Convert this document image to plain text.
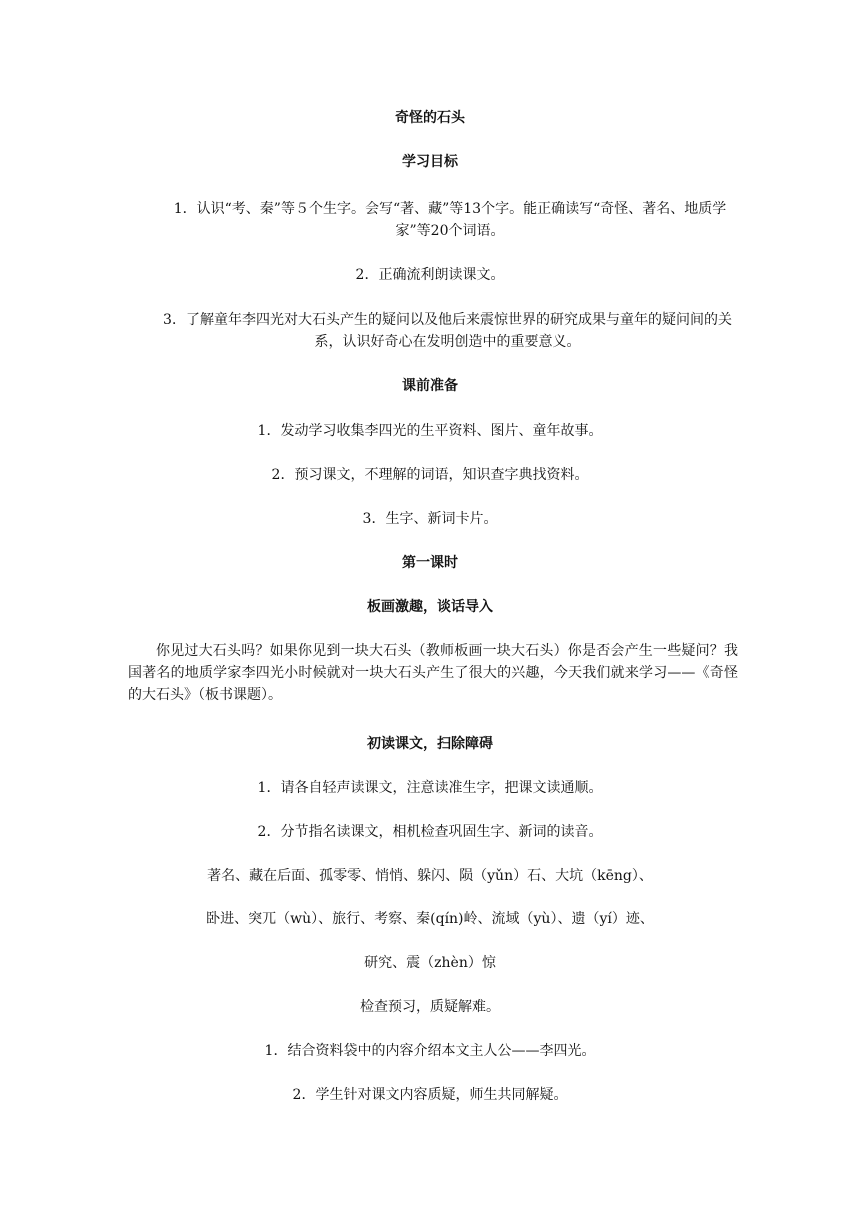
奇怪的石头
学习目标
1．认识“考、秦”等５个生字。会写“著、藏”等13个字。能正确读写“奇怪、著名、地质学家”等20个词语。
2．正确流利朗读课文。
3．了解童年李四光对大石头产生的疑问以及他后来震惊世界的研究成果与童年的疑问间的关系，认识好奇心在发明创造中的重要意义。
课前准备
1．发动学习收集李四光的生平资料、图片、童年故事。
2．预习课文，不理解的词语，知识查字典找资料。
3．生字、新词卡片。
第一课时
板画激趣，谈话导入
你见过大石头吗？如果你见到一块大石头（教师板画一块大石头）你是否会产生一些疑问？我国著名的地质学家李四光小时候就对一块大石头产生了很大的兴趣，今天我们就来学习——《奇怪的大石头》（板书课题）。
初读课文，扫除障碍
1．请各自轻声读课文，注意读准生字，把课文读通顺。
2．分节指名读课文，相机检查巩固生字、新词的读音。
著名、藏在后面、孤零零、悄悄、躲闪、陨（yǔn）石、大坑（kēng）、
卧进、突兀（wù）、旅行、考察、秦(qín)岭、流域（yù）、遗（yí）迹、
研究、震（zhèn）惊
检查预习，质疑解难。
1．结合资料袋中的内容介绍本文主人公——李四光。
2．学生针对课文内容质疑，师生共同解疑。
